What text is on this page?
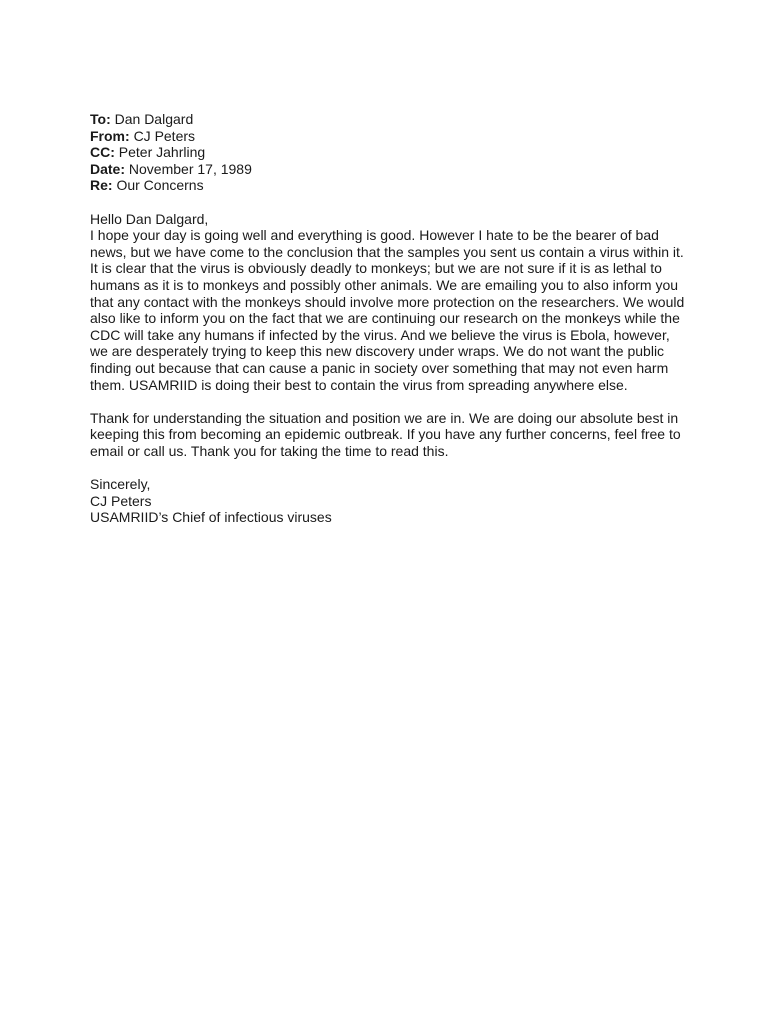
To: Dan Dalgard
From: CJ Peters
CC: Peter Jahrling
Date: November 17, 1989
Re: Our Concerns
Hello Dan Dalgard,
I hope your day is going well and everything is good. However I hate to be the bearer of bad
news, but we have come to the conclusion that the samples you sent us contain a virus within it.
It is clear that the virus is obviously deadly to monkeys; but we are not sure if it is as lethal to
humans as it is to monkeys and possibly other animals. We are emailing you to also inform you
that any contact with the monkeys should involve more protection on the researchers. We would
also like to inform you on the fact that we are continuing our research on the monkeys while the
CDC will take any humans if infected by the virus. And we believe the virus is Ebola, however,
we are desperately trying to keep this new discovery under wraps. We do not want the public
finding out because that can cause a panic in society over something that may not even harm
them. USAMRIID is doing their best to contain the virus from spreading anywhere else.
Thank for understanding the situation and position we are in. We are doing our absolute best in
keeping this from becoming an epidemic outbreak. If you have any further concerns, feel free to
email or call us. Thank you for taking the time to read this.
Sincerely,
CJ Peters
USAMRIID’s Chief of infectious viruses
